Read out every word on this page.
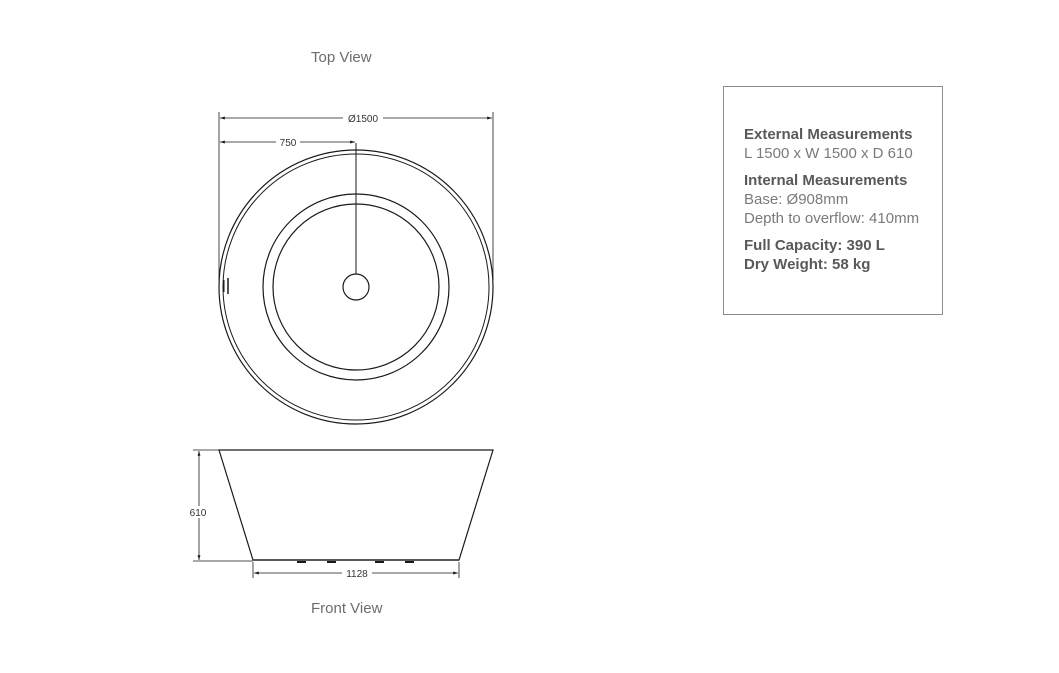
Top View
Front View
Ø1500
750
610
1128
External Measurements
L 1500 x W 1500 x D 610
Internal Measurements
Base: Ø908mm
Depth to overflow: 410mm
Full Capacity: 390 L
Dry Weight: 58 kg
